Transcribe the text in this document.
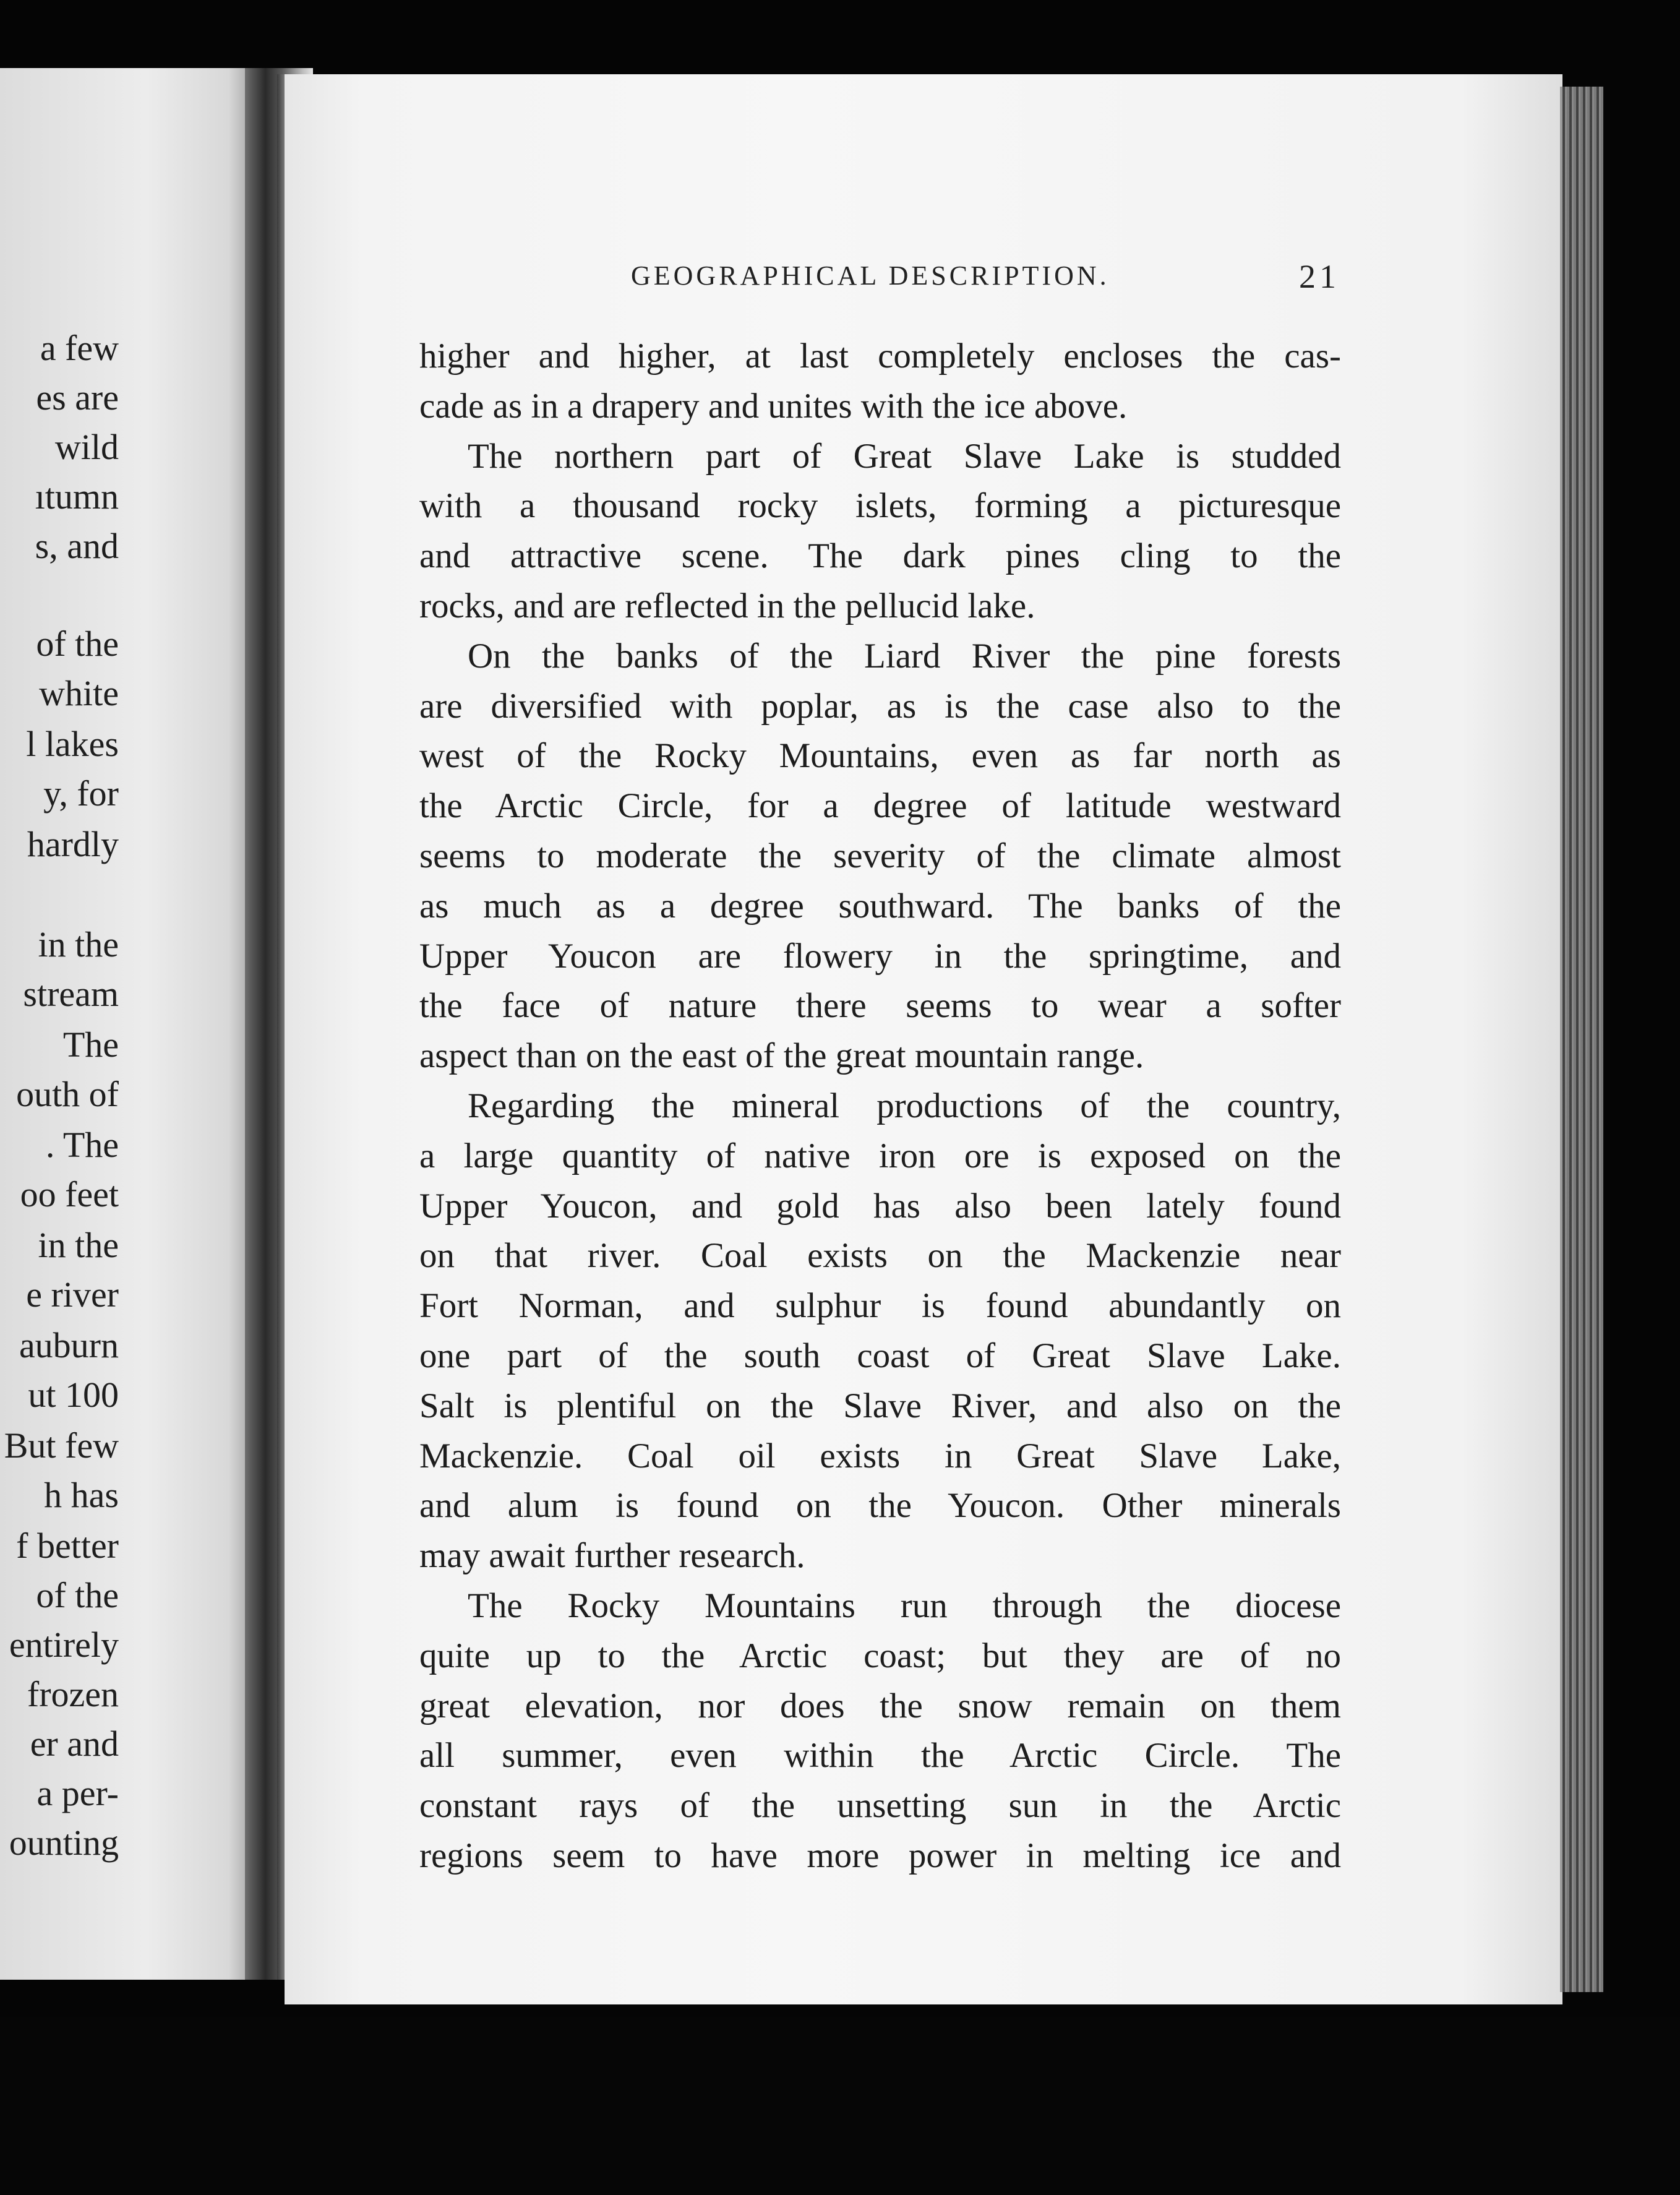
a few
es are
wild
ıtumn
s, and
of the
white
l lakes
y, for
hardly
in the
stream
The
outh of
. The
oo feet
in the
e river
auburn
ut 100
But few
h has
f better
of the
entirely
frozen
er and
a per-
ounting
GEOGRAPHICAL DESCRIPTION.	21
higher and higher, at last completely encloses the cas-
cade as in a drapery and unites with the ice above.
The northern part of Great Slave Lake is studded
with a thousand rocky islets, forming a picturesque
and attractive scene. The dark pines cling to the
rocks, and are reflected in the pellucid lake.
On the banks of the Liard River the pine forests
are diversified with poplar, as is the case also to the
west of the Rocky Mountains, even as far north as
the Arctic Circle, for a degree of latitude westward
seems to moderate the severity of the climate almost
as much as a degree southward. The banks of the
Upper Youcon are flowery in the springtime, and
the face of nature there seems to wear a softer
aspect than on the east of the great mountain range.
Regarding the mineral productions of the country,
a large quantity of native iron ore is exposed on the
Upper Youcon, and gold has also been lately found
on that river. Coal exists on the Mackenzie near
Fort Norman, and sulphur is found abundantly on
one part of the south coast of Great Slave Lake.
Salt is plentiful on the Slave River, and also on the
Mackenzie. Coal oil exists in Great Slave Lake,
and alum is found on the Youcon. Other minerals
may await further research.
The Rocky Mountains run through the diocese
quite up to the Arctic coast; but they are of no
great elevation, nor does the snow remain on them
all summer, even within the Arctic Circle. The
constant rays of the unsetting sun in the Arctic
regions seem to have more power in melting ice and
